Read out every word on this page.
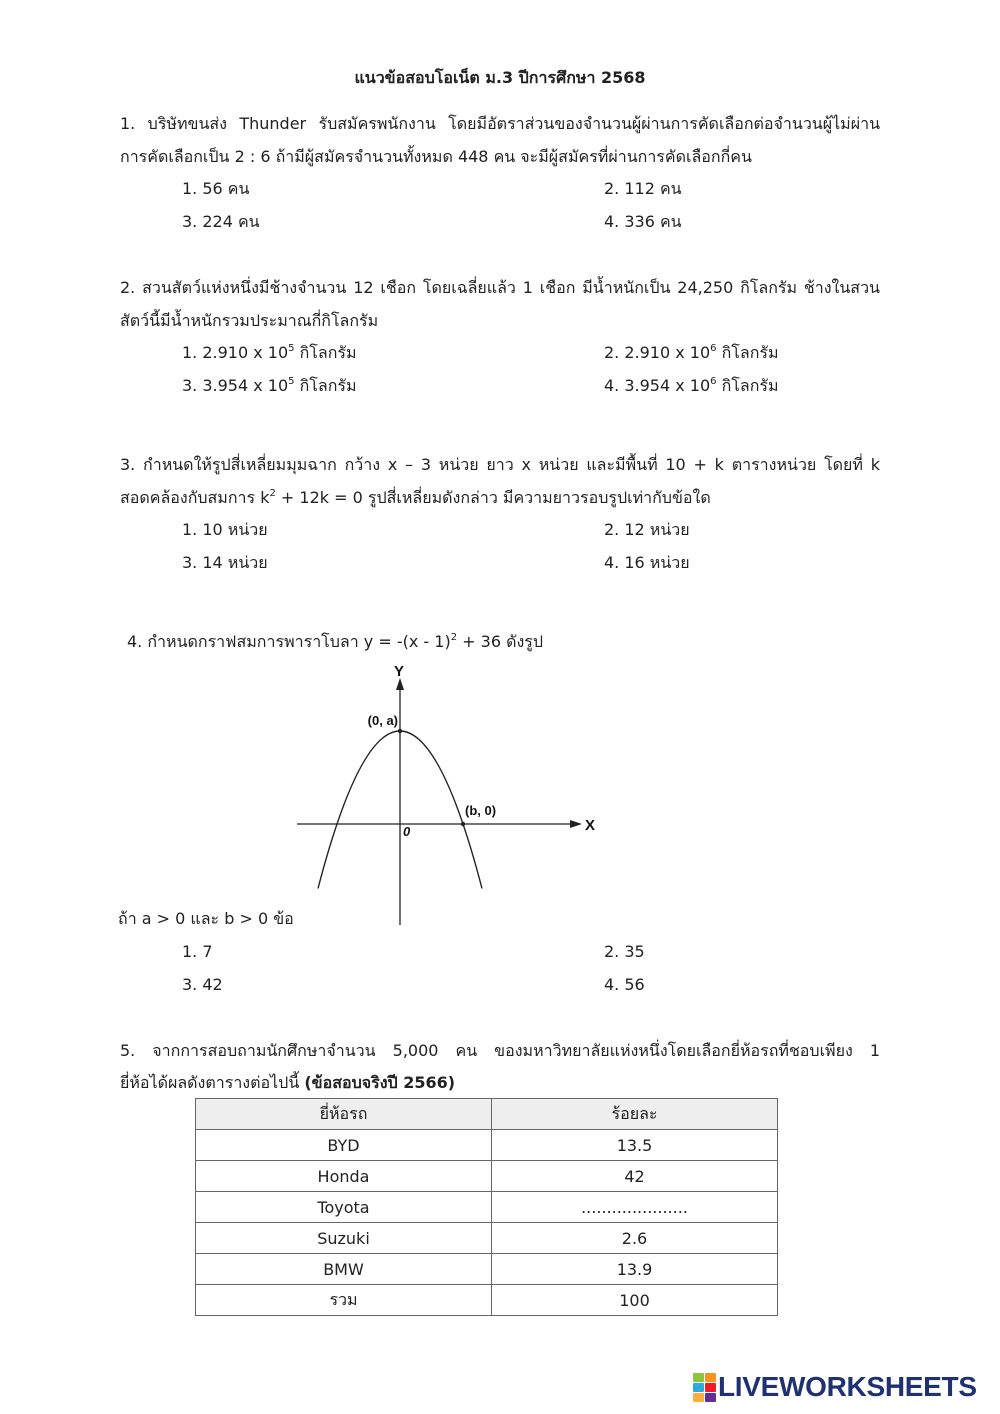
แนวข้อสอบโอเน็ต ม.3 ปีการศึกษา 2568
1. บริษัทขนส่ง Thunder รับสมัครพนักงาน โดยมีอัตราส่วนของจำนวนผู้ผ่านการคัดเลือกต่อจำนวนผู้ไม่ผ่าน
การคัดเลือกเป็น 2 : 6 ถ้ามีผู้สมัครจำนวนทั้งหมด 448 คน จะมีผู้สมัครที่ผ่านการคัดเลือกกี่คน
1. 56 คน	2. 112 คน
3. 224 คน	4. 336 คน
2. สวนสัตว์แห่งหนึ่งมีช้างจำนวน 12 เชือก โดยเฉลี่ยแล้ว 1 เชือก มีน้ำหนักเป็น 24,250 กิโลกรัม ช้างในสวน
สัตว์นี้มีน้ำหนักรวมประมาณกี่กิโลกรัม
1. 2.910 x $10^5$ กิโลกรัม	2. 2.910 x $10^6$ กิโลกรัม
3. 3.954 x $10^5$ กิโลกรัม	4. 3.954 x $10^6$ กิโลกรัม
3. กำหนดให้รูปสี่เหลี่ยมมุมฉาก กว้าง x – 3 หน่วย ยาว x หน่วย และมีพื้นที่ 10 + k ตารางหน่วย โดยที่ k
สอดคล้องกับสมการ $k^2 + 12k = 0$ รูปสี่เหลี่ยมดังกล่าว มีความยาวรอบรูปเท่ากับข้อใด
1. 10 หน่วย	2. 12 หน่วย
3. 14 หน่วย	4. 16 หน่วย
4. กำหนดกราฟสมการพาราโบลา y = -(x - 1)$^2$ + 36 ดังรูป
ถ้า a > 0 และ b > 0 ข้อ
Y
X
(0, a)
(b, 0)
0
1. 7	2. 35
3. 42	4. 56
5. จากการสอบถามนักศึกษาจำนวน 5,000 คน ของมหาวิทยาลัยแห่งหนึ่งโดยเลือกยี่ห้อรถที่ชอบเพียง 1
ยี่ห้อได้ผลดังตารางต่อไปนี้ (ข้อสอบจริงปี 2566)
ยี่ห้อรถ	ร้อยละ
BYD	13.5
Honda	42
Toyota	.....................
Suzuki	2.6
BMW	13.9
รวม	100
LIVEWORKSHEETS
